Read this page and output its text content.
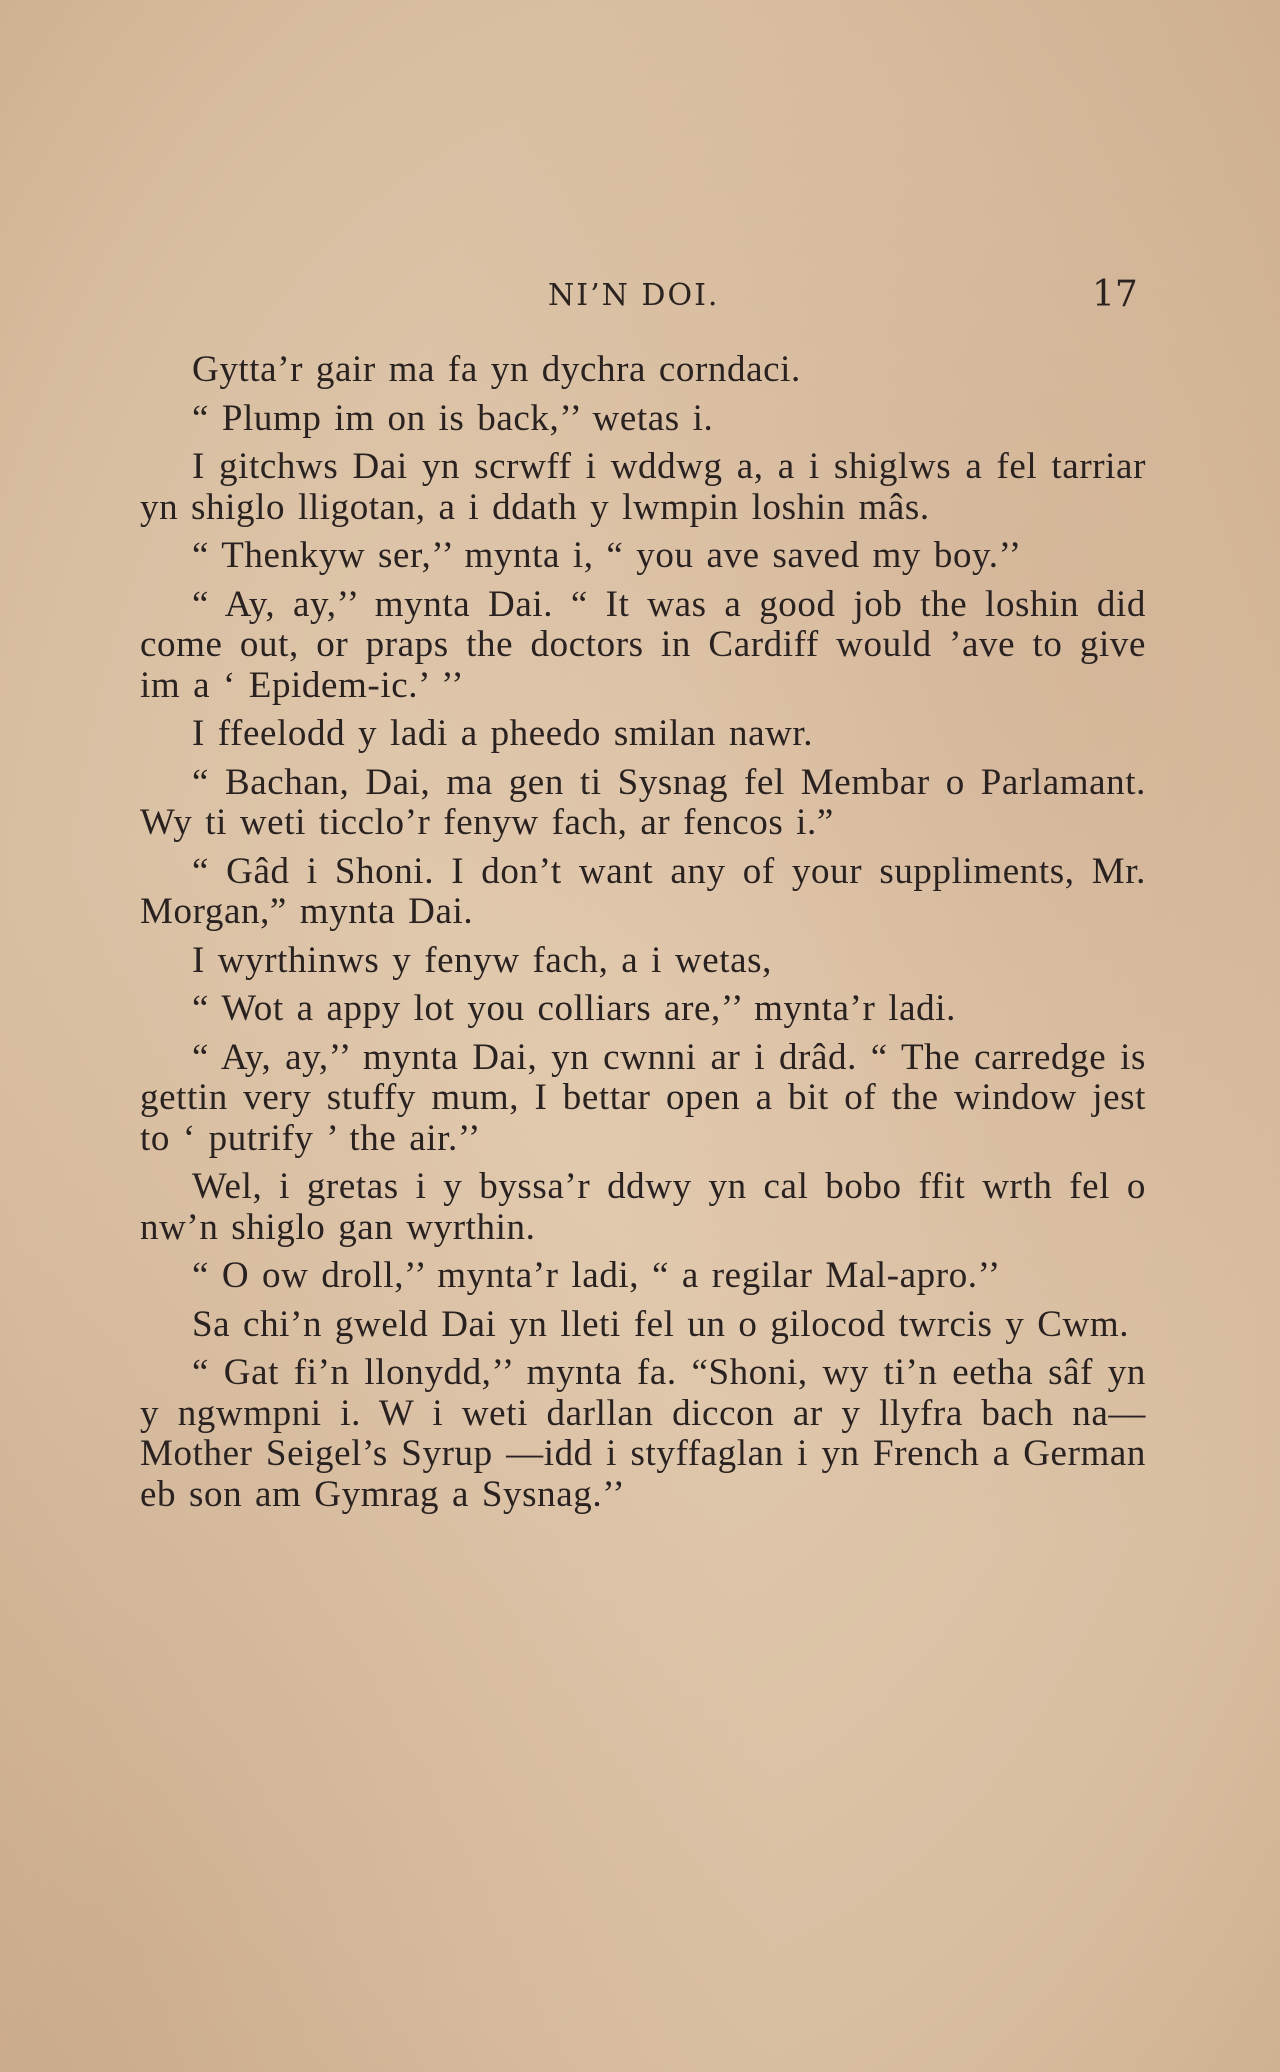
NI’N DOI.	17

Gytta’r gair ma fa yn dychra corndaci.

“ Plump im on is back,’’ wetas i.

I gitchws Dai yn scrwff i wddwg a, a i shiglws a fel tarriar yn shiglo lligotan, a i ddath y lwmpin loshin mâs.

“ Thenkyw ser,’’ mynta i, “ you ave saved my boy.’’

“ Ay, ay,’’ mynta Dai. “ It was a good job the loshin did come out, or praps the doctors in Cardiff would ’ave to give im a ‘ Epidem-ic.’ ’’

I ffeelodd y ladi a pheedo smilan nawr.

“ Bachan, Dai, ma gen ti Sysnag fel Membar o Parlamant. Wy ti weti ticclo’r fenyw fach, ar fencos i.”

“ Gâd i Shoni. I don’t want any of your suppliments, Mr. Morgan,” mynta Dai.

I wyrthinws y fenyw fach, a i wetas,

“ Wot a appy lot you colliars are,’’ mynta’r ladi.

“ Ay, ay,’’ mynta Dai, yn cwnni ar i drâd. “ The carredge is gettin very stuffy mum, I bettar open a bit of the window jest to ‘ putrify ’ the air.’’

Wel, i gretas i y byssa’r ddwy yn cal bobo ffit wrth fel o nw’n shiglo gan wyrthin.

“ O ow droll,’’ mynta’r ladi, “ a regilar Mal-apro.’’

Sa chi’n gweld Dai yn lleti fel un o gilocod twrcis y Cwm.

“ Gat fi’n llonydd,’’ mynta fa. “Shoni, wy ti’n eetha sâf yn y ngwmpni i. W i weti darllan diccon ar y llyfra bach na—Mother Seigel’s Syrup —idd i styffaglan i yn French a German eb son am Gymrag a Sysnag.’’
